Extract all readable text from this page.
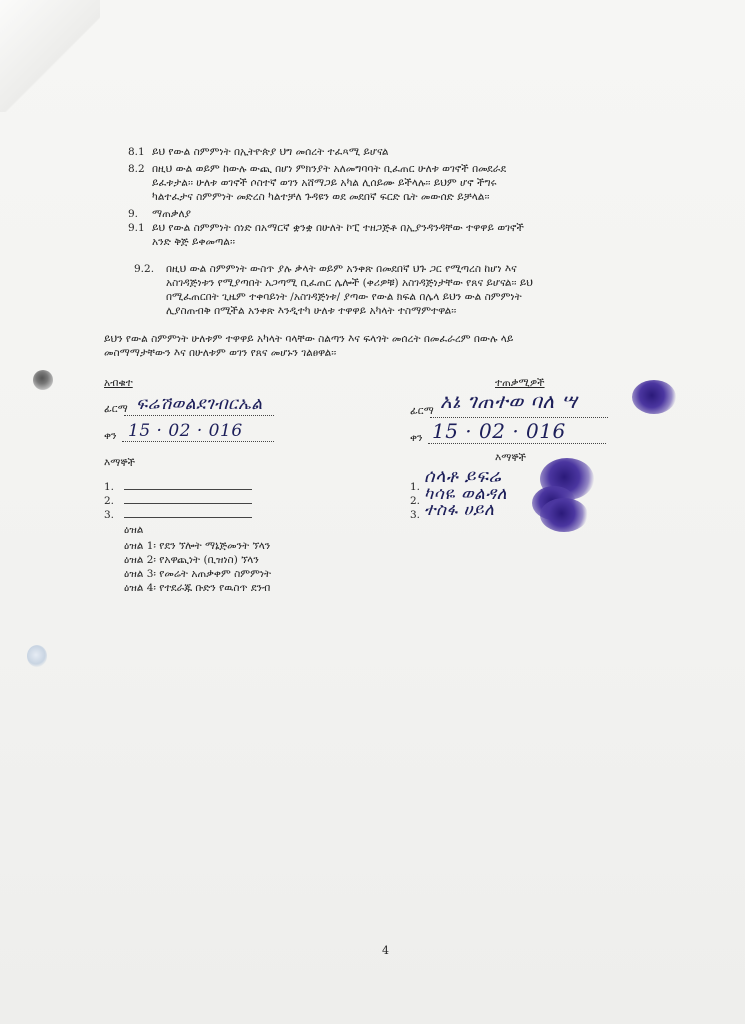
8.1 ይህ የውል ስምምነት በኢትዮጵያ ህግ መሰረት ተፈጻሚ ይሆናል
8.2 በዚህ ውል ወይም ከውሉ ውጪ በሆነ ምክንያት አለመግባባት ቢፈጠር ሁለቱ ወገኖች በመደራደ
ይፈቱታል፡፡ ሁለቱ ወገኖች ሶስተኛ ወገን አሸማጋይ አካል ሊሰይሙ ይችላሉ፡፡ ይህም ሆኖ ችግሩ
ካልተፈታና ስምምነት መድረስ ካልተቻለ ጉዳዩን ወደ መደበኛ ፍርድ ቤት መውሰድ ይቻላል፡፡
9. ማጠቃለያ
9.1 ይህ የውል ስምምነት ሰነድ በአማርኛ ቋንቋ በሁለት ኮፒ ተዘጋጅቶ በኢያንዳንዳቸው ተዋዋይ ወገኖች
አንድ ቅጅ ይቀመጣል፡፡
9.2. በዚህ ውል ስምምነት ውስጥ ያሉ ቃላት ወይም አንቀጽ በመደበኛ ህጉ ጋር የሚጣረስ ከሆነ እና
አስገዳጅነቱን የሚያጣበት አጋጣሚ ቢፈጠር ሌሎች (ቀሪዎቹ) አስገዳጅነታቸው የጸና ይሆናል፡፡ ይህ
በሚፈጠርበት ጊዜም ተቀባይነት /አስገዳጅነቱ/ ያጣው የውል ክፍል በሌላ ይህን ውል ስምምነት
ሊያስጠብቅ በሚችል አንቀጽ እንዲተካ ሁለቱ ተዋዋይ አካላት ተስማምተዋል፡፡
ይህን የውል ስምምነት ሁለቱም ተዋዋይ አካላት ባላቸው ስልጣን እና ፍላጎት መሰረት በመፈራረም በውሉ ላይ
መስማማታቸውን እና በሁለቱም ወገን የጸና መሆኑን ገልፀዋል፡፡
አብቁተ
ፊርማ ፍሬሽወልደገብርኤል
ቀን 15 · 02 · 016
ተጠቃሚዎች
ፊርማ አኔ ገጠተወ ባለ ሣ
ቀን 15 · 02 · 016
እማኞች
1.
2.
3.
እማኞች
1. ሰላቶ ይፍሬ
2. ካሳዬ ወልዳለ
3. ተስፋ ሀይለ
ዕዝል
ዕዝል 1፡ የደን ኘሎት ማኔጅመንት ኘላን
ዕዝል 2፡ የአዋጪነት (ቢዝነስ) ኘላን
ዕዝል 3፡ የመሬት አጠቃቀም ስምምነት
ዕዝል 4፡ የተደራጁ ቡድን የዉስጥ ደንብ
4
